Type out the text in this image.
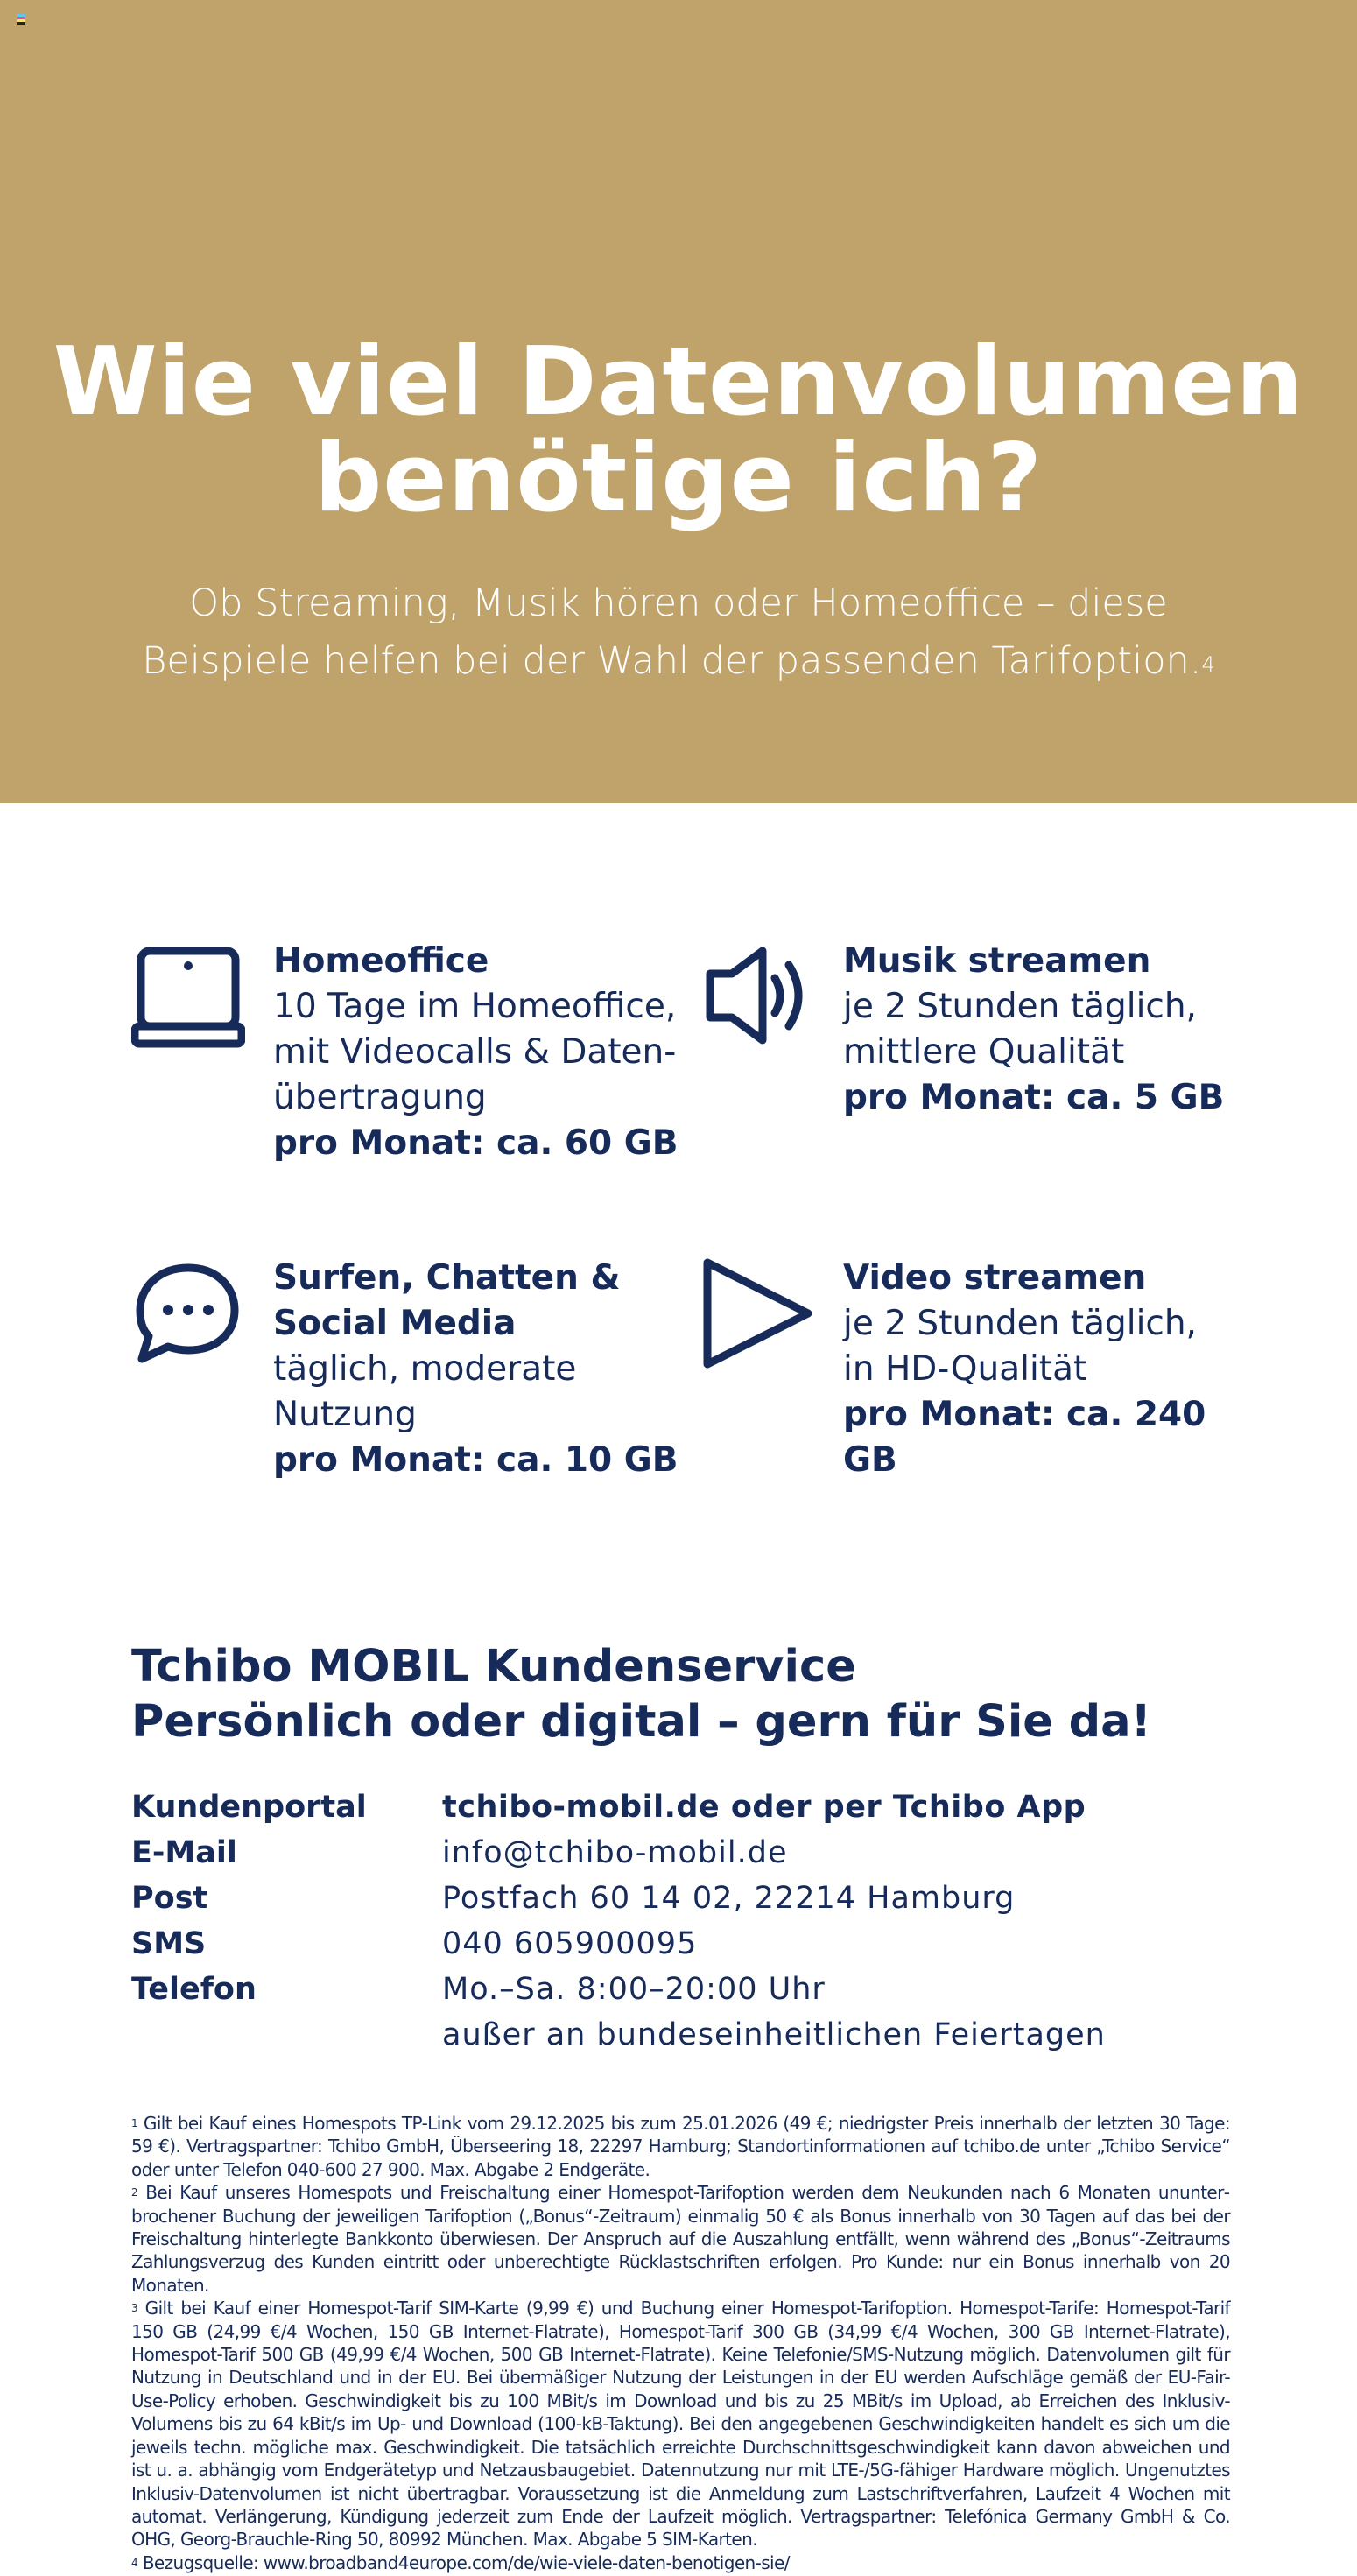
Wie viel Datenvolumen
benötige ich?

Ob Streaming, Musik hören oder Homeoffice – diese
Beispiele helfen bei der Wahl der passenden Tarifoption.$^4$

Homeoffice
10 Tage im Homeoffice,
mit Videocalls & Daten-
übertragung
pro Monat: ca. 60 GB
Musik streamen
je 2 Stunden täglich,
mittlere Qualität
pro Monat: ca. 5 GB
Surfen, Chatten &
Social Media
täglich, moderate
Nutzung
pro Monat: ca. 10 GB
Video streamen
je 2 Stunden täglich,
in HD-Qualität
pro Monat: ca. 240 GB
Tchibo MOBIL Kundenservice
Persönlich oder digital – gern für Sie da!
Kundenportal	tchibo-mobil.de oder per Tchibo App
E-Mail	info@tchibo-mobil.de
Post	Postfach 60 14 02, 22214 Hamburg
SMS	040 605900095
Telefon	Mo.–Sa. 8:00–20:00 Uhr
außer an bundeseinheitlichen Feiertagen

$^1$ Gilt bei Kauf eines Homespots TP-Link vom 29.12.2025 bis zum 25.01.2026 (49 €; niedrigster Preis innerhalb der letzten 30 Tage: 59 €). Vertragspartner: Tchibo GmbH, Überseering 18, 22297 Hamburg; Standortinformationen auf tchibo.de unter „Tchibo Service“ oder unter Telefon 040-600 27 900. Max. Abgabe 2 Endgeräte.

$^2$ Bei Kauf unseres Homespots und Freischaltung einer Homespot-Tarifoption werden dem Neukunden nach 6 Monaten ununterbrochener Buchung der jeweiligen Tarifoption („Bonus“-Zeitraum) einmalig 50 € als Bonus innerhalb von 30 Tagen auf das bei der Freischaltung hinterlegte Bankkonto überwiesen. Der Anspruch auf die Auszahlung entfällt, wenn während des „Bonus“-Zeitraums Zahlungsverzug des Kunden eintritt oder unberechtigte Rücklastschriften erfolgen. Pro Kunde: nur ein Bonus innerhalb von 20 Monaten.

$^3$ Gilt bei Kauf einer Homespot-Tarif SIM-Karte (9,99 €) und Buchung einer Homespot-Tarifoption. Homespot-Tarife: Homespot-Tarif 150 GB (24,99 €/4 Wochen, 150 GB Internet-Flatrate), Homespot-Tarif 300 GB (34,99 €/4 Wochen, 300 GB Internet-Flatrate), Homespot-Tarif 500 GB (49,99 €/4 Wochen, 500 GB Internet-Flatrate). Keine Telefonie/SMS-Nutzung möglich. Datenvolumen gilt für Nutzung in Deutschland und in der EU. Bei übermäßiger Nutzung der Leistungen in der EU werden Aufschläge gemäß der EU-Fair-Use-Policy erhoben. Geschwindigkeit bis zu 100 MBit/s im Download und bis zu 25 MBit/s im Upload, ab Erreichen des Inklusiv-Volumens bis zu 64 kBit/s im Up- und Download (100-kB-Taktung). Bei den angegebenen Geschwindigkeiten handelt es sich um die jeweils techn. mögliche max. Geschwindigkeit. Die tatsächlich erreichte Durchschnittsgeschwindigkeit kann davon abweichen und ist u. a. abhängig vom Endgerätetyp und Netzausbaugebiet. Datennutzung nur mit LTE-/5G-fähiger Hardware möglich. Ungenutztes Inklusiv-Datenvolumen ist nicht übertragbar. Voraussetzung ist die Anmeldung zum Lastschriftverfahren, Laufzeit 4 Wochen mit automat. Verlängerung, Kündigung jederzeit zum Ende der Laufzeit möglich. Vertragspartner: Telefónica Germany GmbH & Co. OHG, Georg-Brauchle-Ring 50, 80992 München. Max. Abgabe 5 SIM-Karten.

$^4$ Bezugsquelle: www.broadband4europe.com/de/wie-viele-daten-benotigen-sie/
